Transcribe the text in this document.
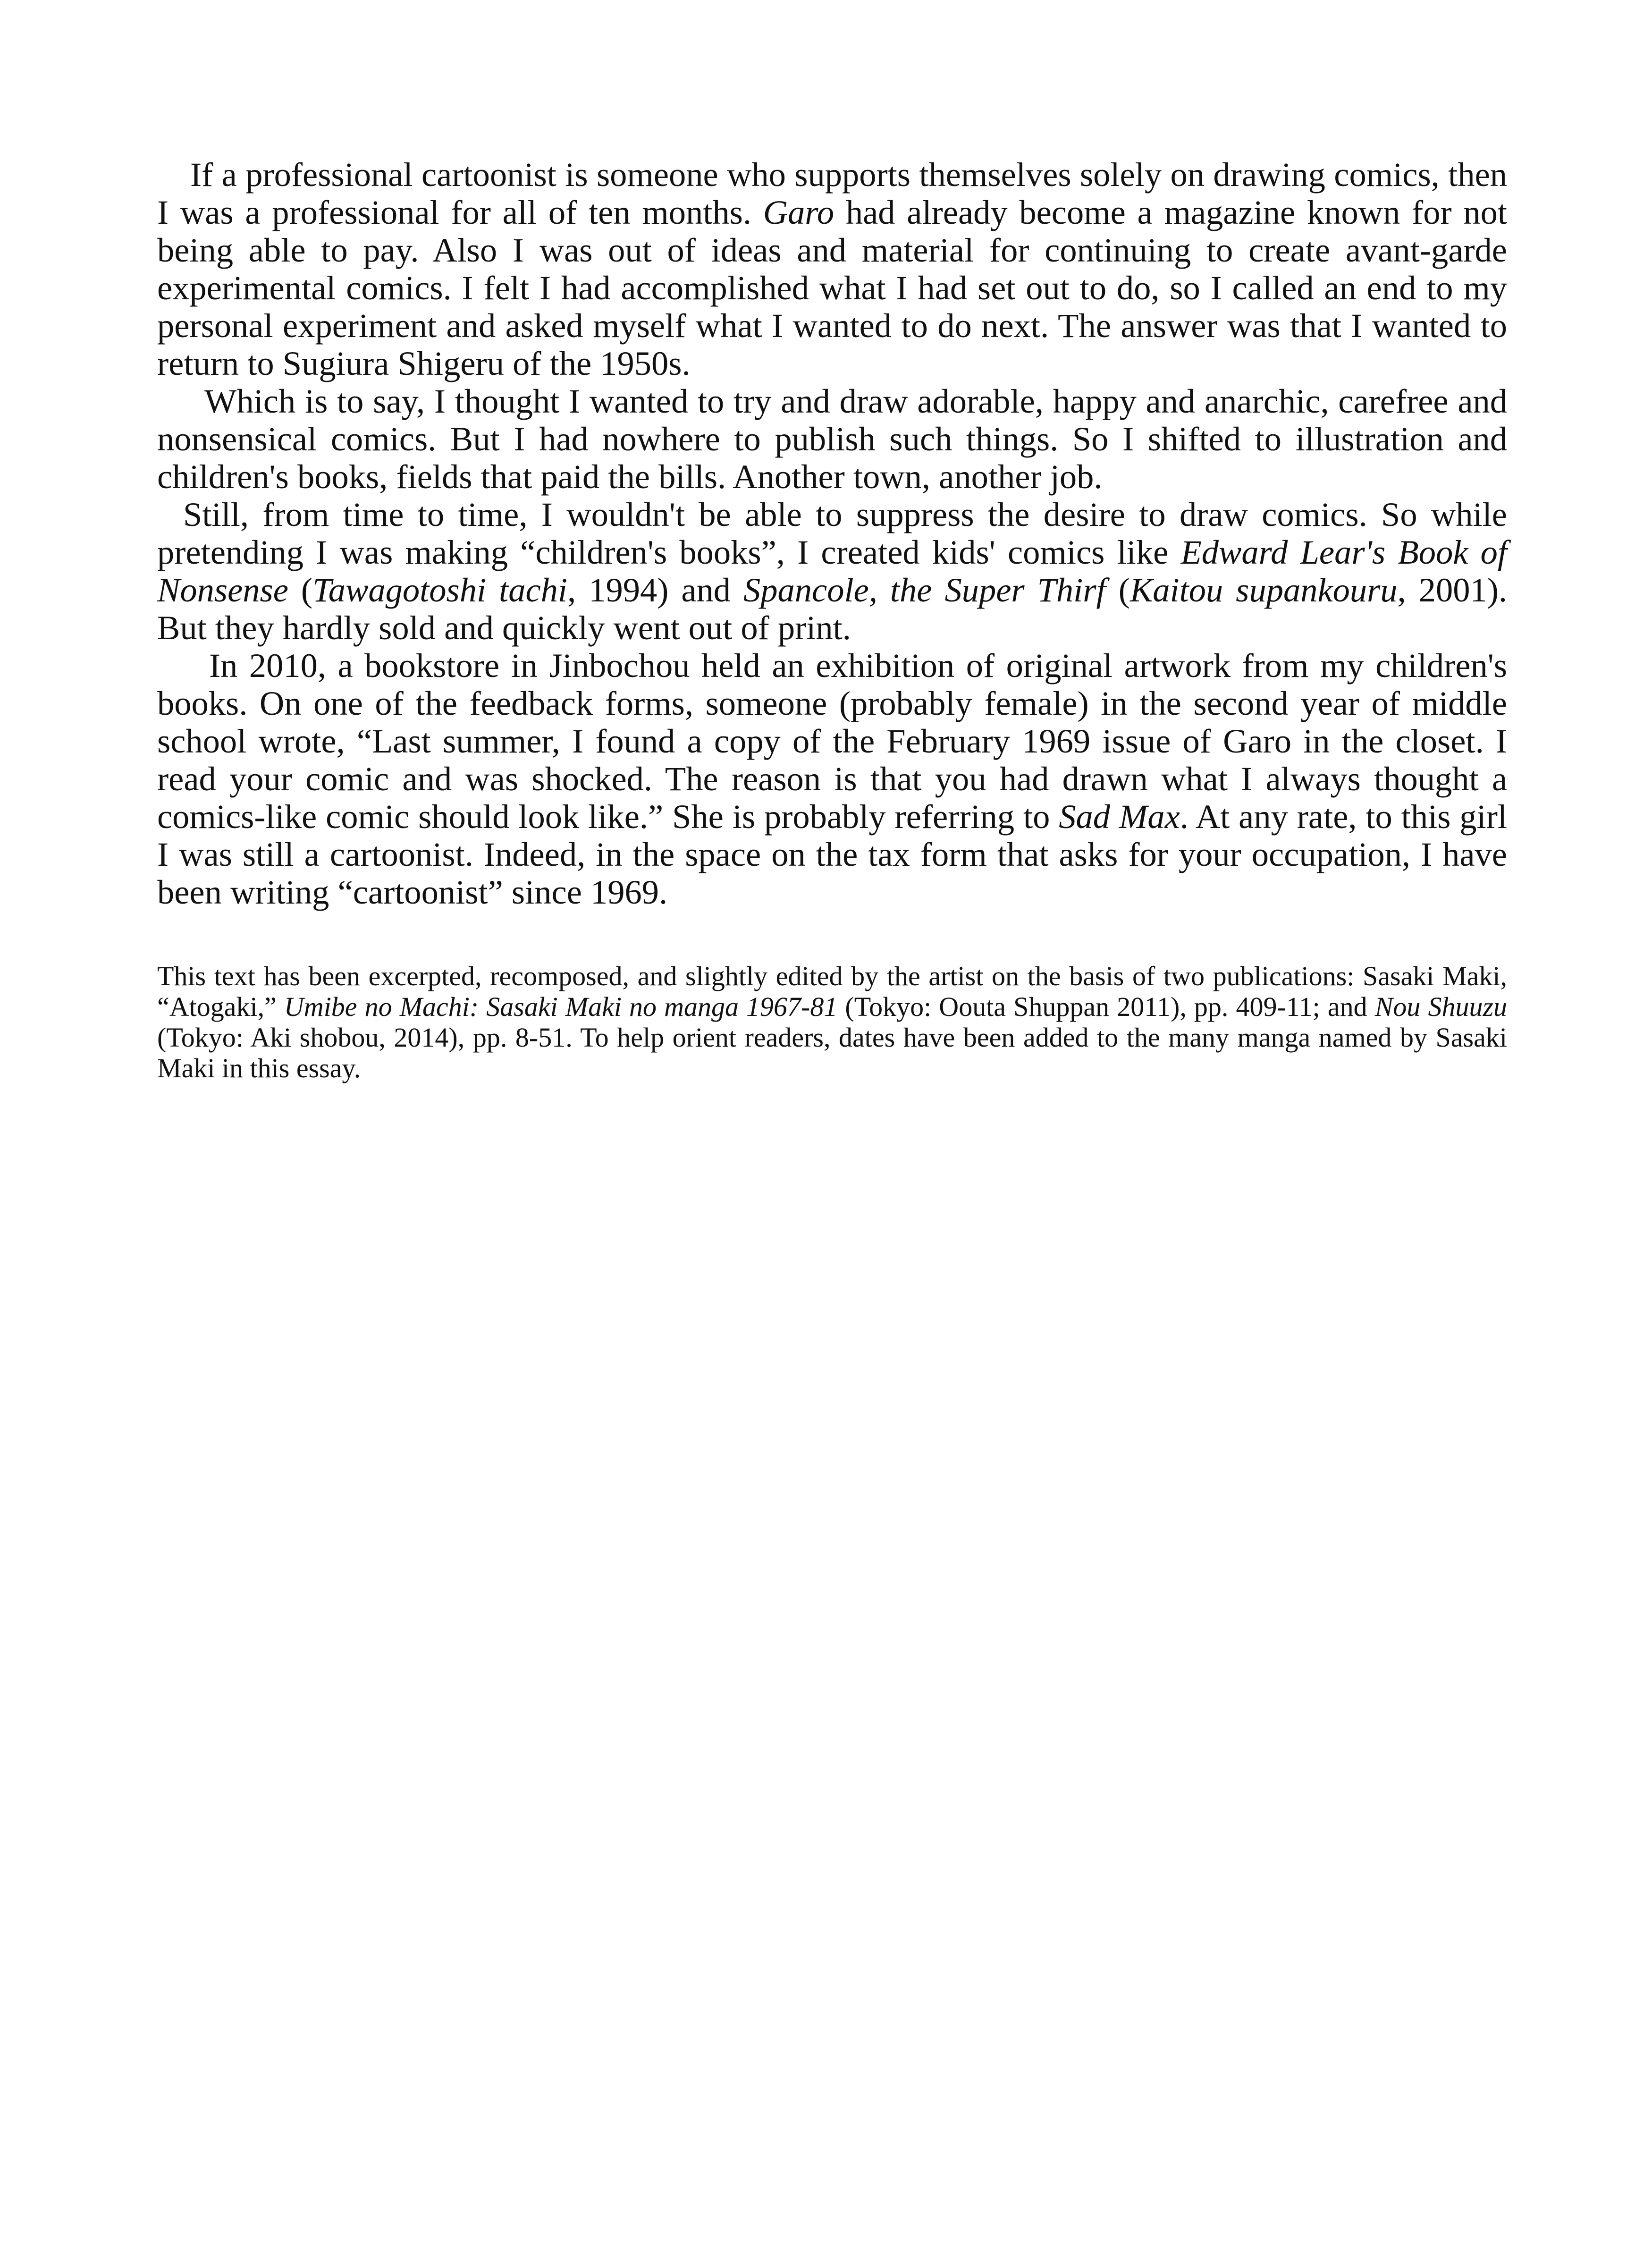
If a professional cartoonist is someone who supports themselves solely on drawing comics, then I was a professional for all of ten months. Garo had already become a magazine known for not being able to pay. Also I was out of ideas and material for continuing to create avant-garde experimental comics. I felt I had accomplished what I had set out to do, so I called an end to my personal experiment and asked myself what I wanted to do next. The answer was that I wanted to return to Sugiura Shigeru of the 1950s.

Which is to say, I thought I wanted to try and draw adorable, happy and anarchic, carefree and nonsensical comics. But I had nowhere to publish such things. So I shifted to illustration and children's books, fields that paid the bills. Another town, another job.

Still, from time to time, I wouldn't be able to suppress the desire to draw comics. So while pretending I was making “children's books”, I created kids' comics like Edward Lear's Book of Nonsense (Tawagotoshi tachi, 1994) and Spancole, the Super Thirf (Kaitou supankouru, 2001). But they hardly sold and quickly went out of print.

In 2010, a bookstore in Jinbochou held an exhibition of original artwork from my children's books. On one of the feedback forms, someone (probably female) in the second year of middle school wrote, “Last summer, I found a copy of the February 1969 issue of Garo in the closet. I read your comic and was shocked. The reason is that you had drawn what I always thought a comics-like comic should look like.” She is probably referring to Sad Max. At any rate, to this girl I was still a cartoonist. Indeed, in the space on the tax form that asks for your occupation, I have been writing “cartoonist” since 1969.

This text has been excerpted, recomposed, and slightly edited by the artist on the basis of two publications: Sasaki Maki, “Atogaki,” Umibe no Machi: Sasaki Maki no manga 1967-81 (Tokyo: Oouta Shuppan 2011), pp. 409-11; and Nou Shuuzu (Tokyo: Aki shobou, 2014), pp. 8-51. To help orient readers, dates have been added to the many manga named by Sasaki Maki in this essay.
